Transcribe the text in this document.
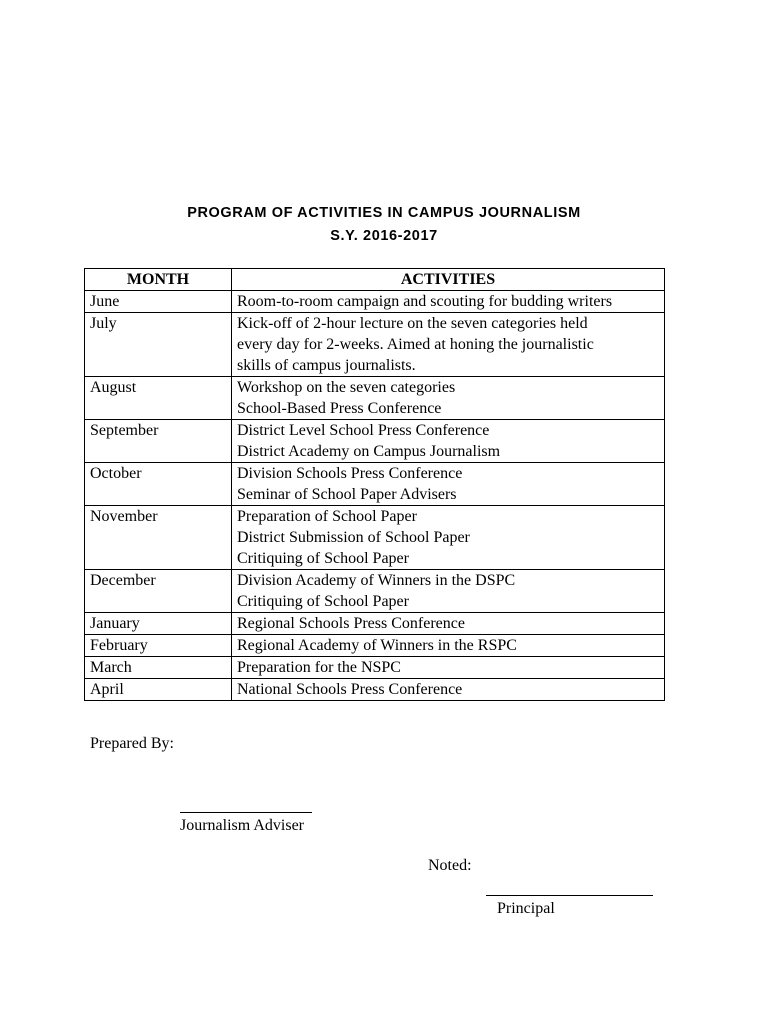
PROGRAM OF ACTIVITIES IN CAMPUS JOURNALISM
S.Y. 2016-2017
MONTH	ACTIVITIES
June	Room-to-room campaign and scouting for budding writers

July	Kick-off of 2-hour lecture on the seven categories held
every day for 2-weeks. Aimed at honing the journalistic
skills of campus journalists.

August	Workshop on the seven categories
School-Based Press Conference

September	District Level School Press Conference
District Academy on Campus Journalism

October	Division Schools Press Conference
Seminar of School Paper Advisers

November	Preparation of School Paper
District Submission of School Paper
Critiquing of School Paper

December	Division Academy of Winners in the DSPC
Critiquing of School Paper

January	Regional Schools Press Conference

February	Regional Academy of Winners in the RSPC

March	Preparation for the NSPC

April	National Schools Press Conference
Prepared By:
Journalism Adviser
Noted:
Principal
